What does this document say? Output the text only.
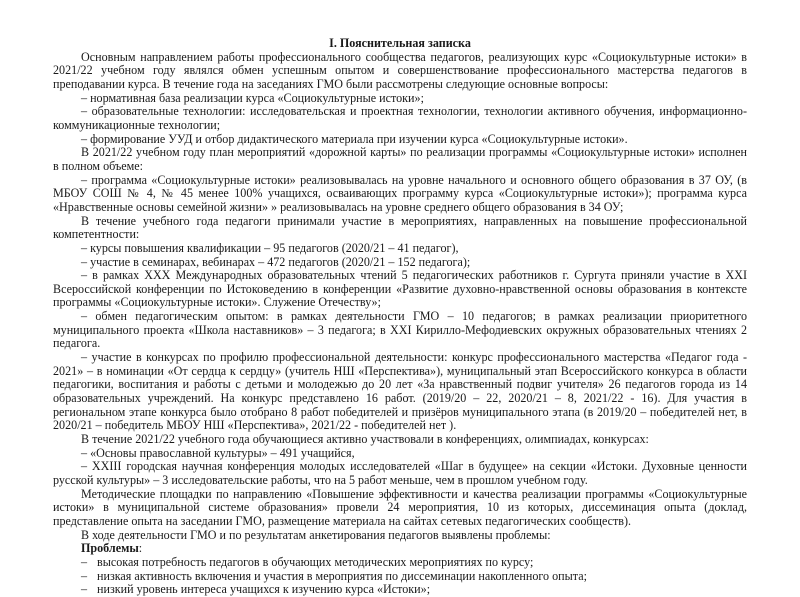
I. Пояснительная записка

Основным направлением работы профессионального сообщества педагогов, реализующих курс «Социокультурные истоки» в 2021/22 учебном году являлся обмен успешным опытом и совершенствование профессионального мастерства педагогов в преподавании курса. В течение года на заседаниях ГМО были рассмотрены следующие основные вопросы:

– нормативная база реализации курса «Социокультурные истоки»;

– образовательные технологии: исследовательская и проектная технологии, технологии активного обучения, информационно-коммуникационные технологии;

– формирование УУД и отбор дидактического материала при изучении курса «Социокультурные истоки».

В 2021/22 учебном году план мероприятий «дорожной карты» по реализации программы «Социокультурные истоки» исполнен в полном объеме:

– программа «Социокультурные истоки» реализовывалась на уровне начального и основного общего образования в 37 ОУ, (в МБОУ СОШ № 4, № 45 менее 100% учащихся, осваивающих программу курса «Социокультурные истоки»); программа курса «Нравственные основы семейной жизни» » реализовывалась на уровне среднего общего образования в 34 ОУ;

В течение учебного года педагоги принимали участие в мероприятиях, направленных на повышение профессиональной компетентности:

– курсы повышения квалификации – 95 педагогов (2020/21 – 41 педагог),

– участие в семинарах, вебинарах – 472 педагогов (2020/21 – 152 педагога);

– в рамках XXX Международных образовательных чтений 5 педагогических работников г. Сургута приняли участие в XXI Всероссийской конференции по Истоковедению в конференции «Развитие духовно-нравственной основы образования в контексте программы «Социокультурные истоки». Служение Отечеству»;

– обмен педагогическим опытом: в рамках деятельности ГМО – 10 педагогов; в рамках реализации приоритетного муниципального проекта «Школа наставников» – 3 педагога; в XXI Кирилло-Мефодиевских окружных образовательных чтениях 2 педагога.

– участие в конкурсах по профилю профессиональной деятельности: конкурс профессионального мастерства «Педагог года - 2021» – в номинации «От сердца к сердцу» (учитель НШ «Перспектива»), муниципальный этап Всероссийского конкурса в области педагогики, воспитания и работы с детьми и молодежью до 20 лет «За нравственный подвиг учителя» 26 педагогов города из 14 образовательных учреждений. На конкурс представлено 16 работ. (2019/20 – 22, 2020/21 – 8, 2021/22 - 16). Для участия в региональном этапе конкурса было отобрано 8 работ победителей и призёров муниципального этапа (в 2019/20 – победителей нет, в 2020/21 – победитель МБОУ НШ «Перспектива», 2021/22 - победителей нет ).

В течение 2021/22 учебного года обучающиеся активно участвовали в конференциях, олимпиадах, конкурсах:

– «Основы православной культуры» – 491 учащийся,

– XXIII городская научная конференция молодых исследователей «Шаг в будущее» на секции «Истоки. Духовные ценности русской культуры» – 3 исследовательские работы, что на 5 работ меньше, чем в прошлом учебном году.

Методические площадки по направлению «Повышение эффективности и качества реализации программы «Социокультурные истоки» в муниципальной системе образования» провели 24 мероприятия, 10 из которых, диссеминация опыта (доклад, представление опыта на заседании ГМО, размещение материала на сайтах сетевых педагогических сообществ).

В ходе деятельности ГМО и по результатам анкетирования педагогов выявлены проблемы:

Проблемы:

– высокая потребность педагогов в обучающих методических мероприятиях по курсу;
– низкая активность включения и участия в мероприятия по диссеминации накопленного опыта;
– низкий уровень интереса учащихся к изучению курса «Истоки»;
